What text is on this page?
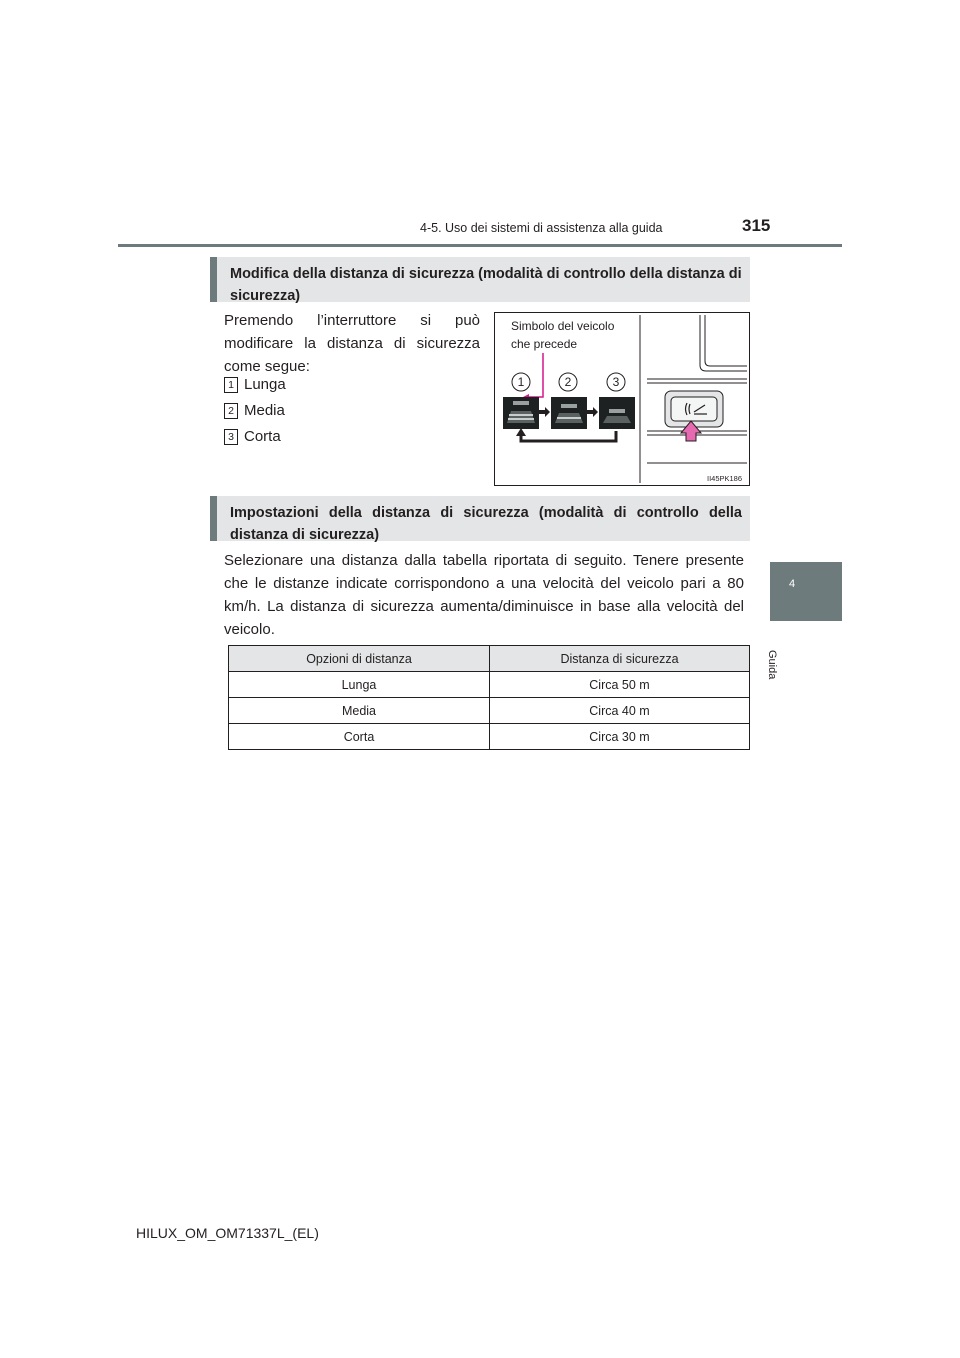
4-5. Uso dei sistemi di assistenza alla guida	315
4
Guida
Modifica della distanza di sicurezza (modalità di controllo della distanza di sicurezza)
Premendo l’interruttore si può modificare la distanza di sicurezza come segue:
1 Lunga
2 Media
3 Corta
Simbolo del veicolo
che precede
1	2	3
II45PK186
Impostazioni della distanza di sicurezza (modalità di controllo della distanza di sicurezza)
Selezionare una distanza dalla tabella riportata di seguito. Tenere presente che le distanze indicate corrispondono a una velocità del veicolo pari a 80 km/h. La distanza di sicurezza aumenta/diminuisce in base alla velocità del veicolo.
Opzioni di distanza	Distanza di sicurezza
Lunga	Circa 50 m
Media	Circa 40 m
Corta	Circa 30 m
HILUX_OM_OM71337L_(EL)
